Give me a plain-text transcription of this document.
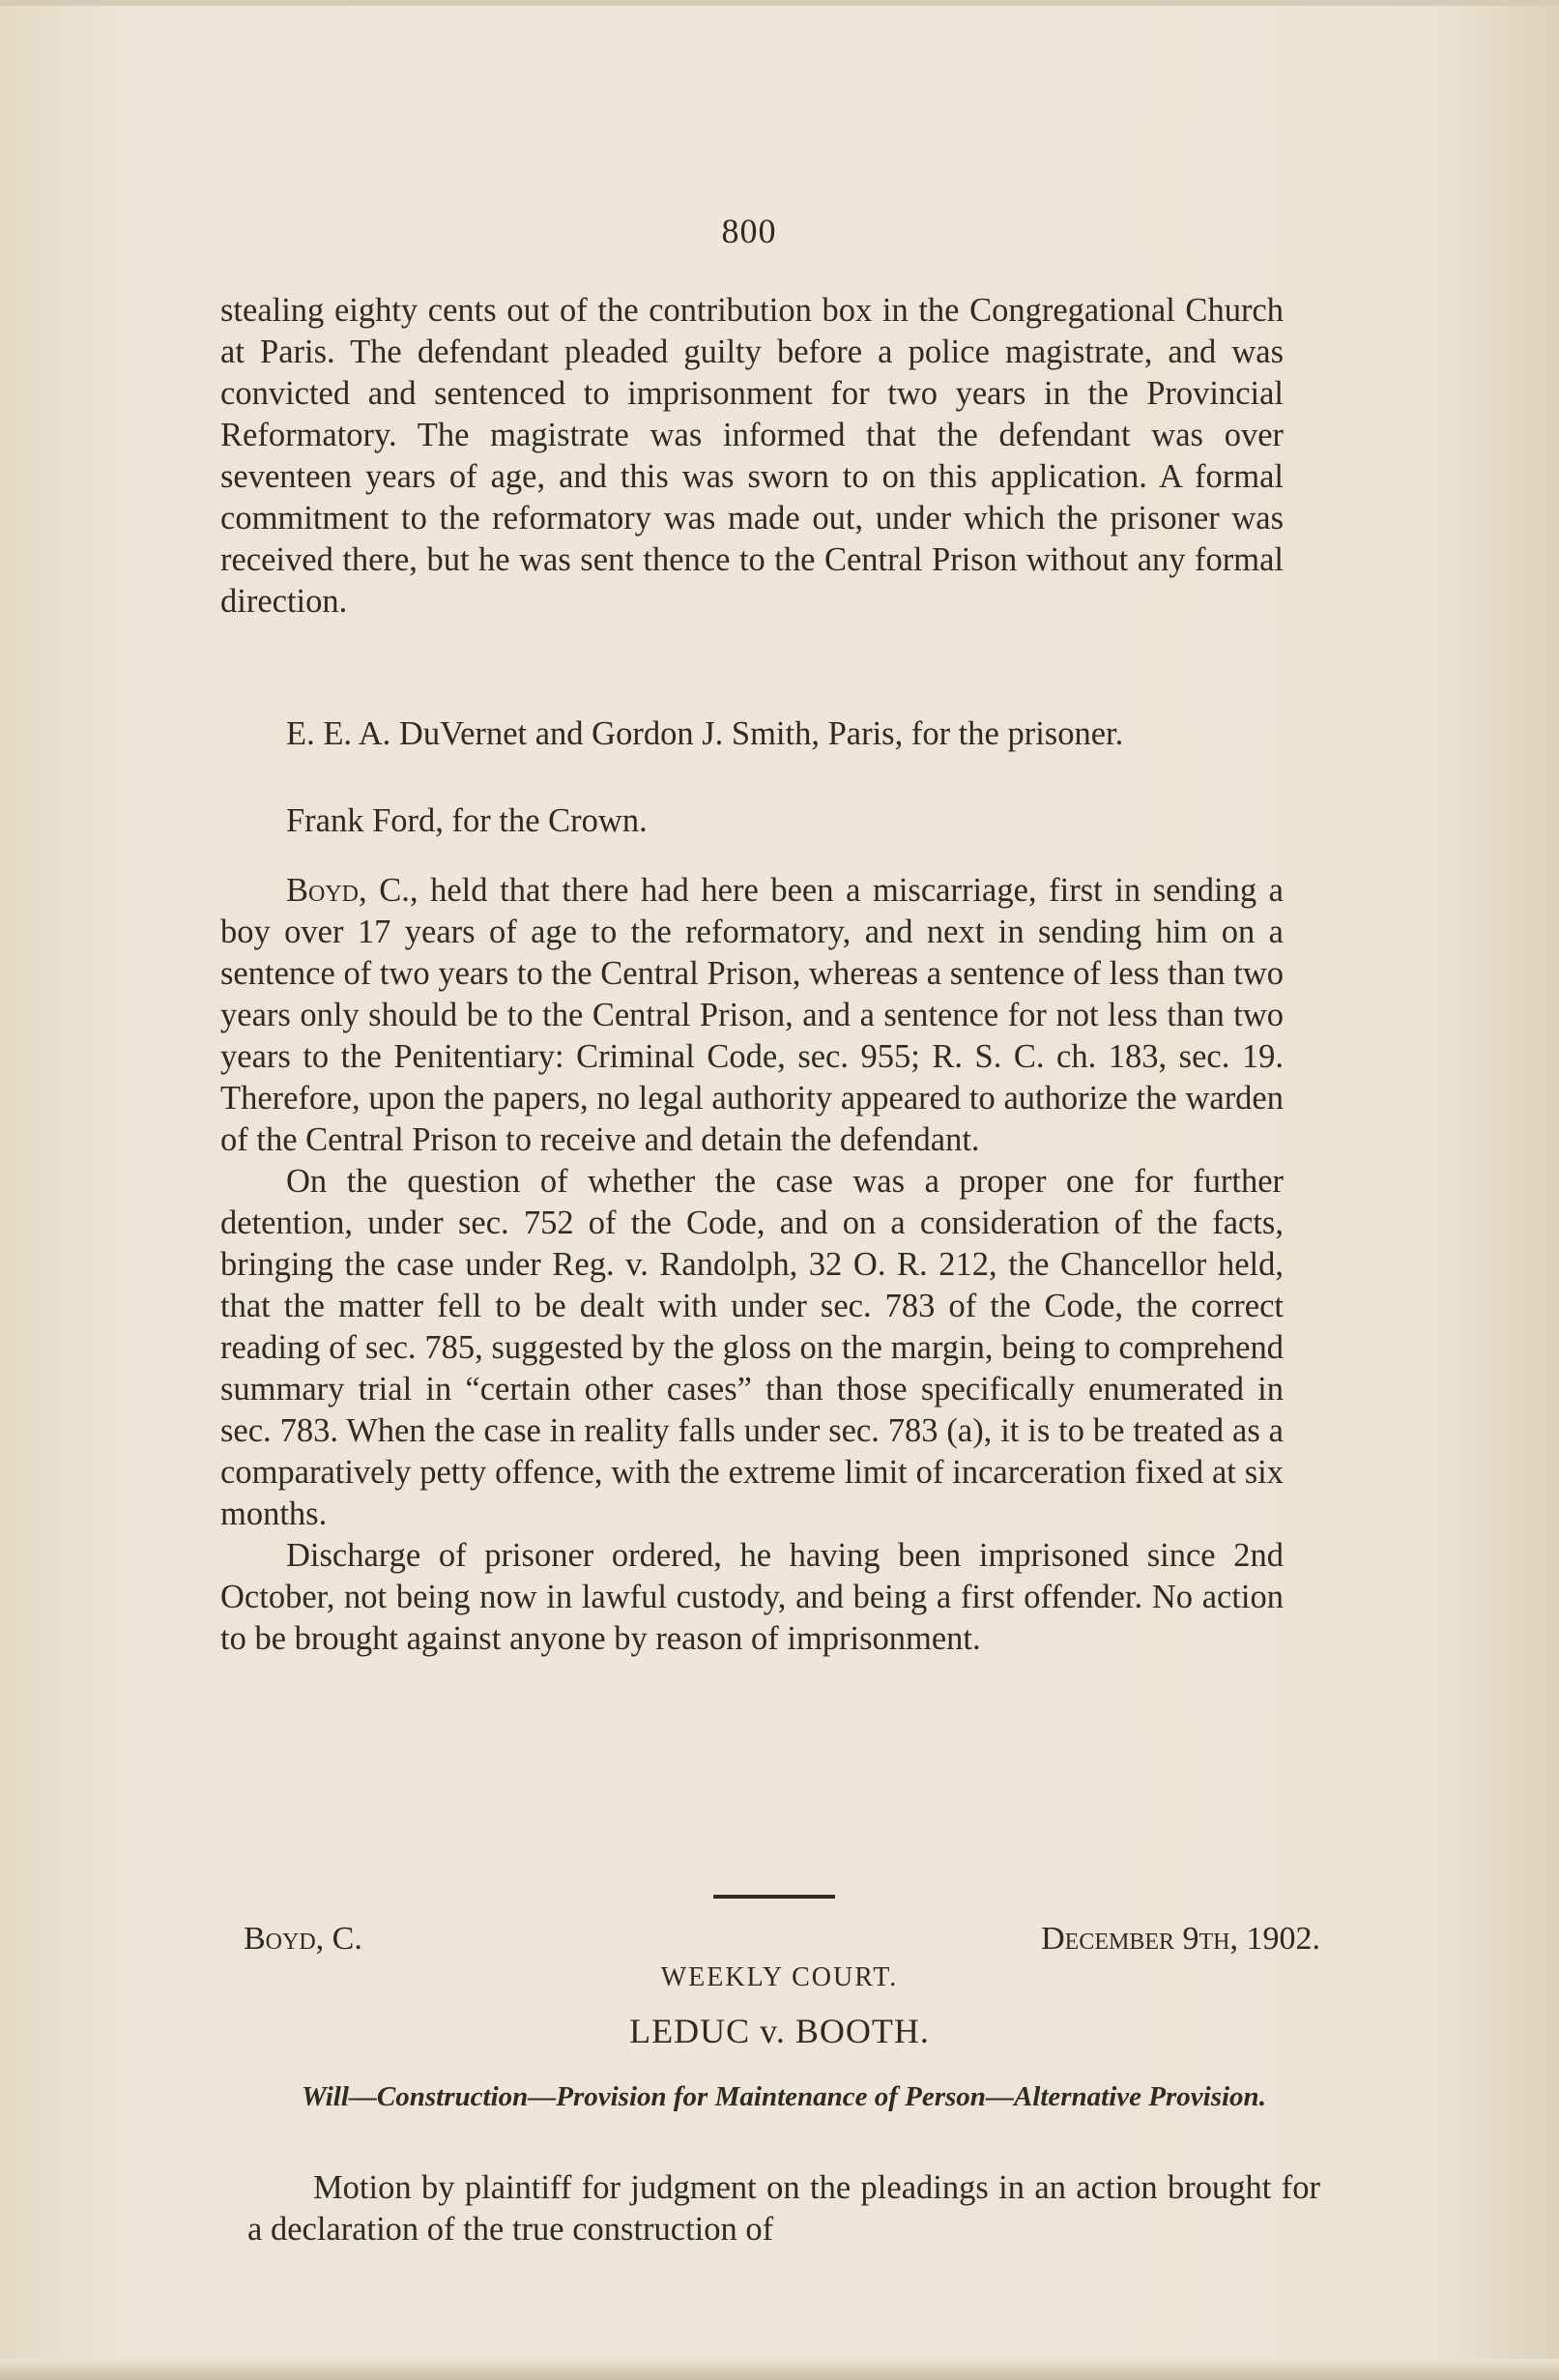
800

stealing eighty cents out of the contribution box in the Congregational Church at Paris. The defendant pleaded guilty before a police magistrate, and was convicted and sentenced to imprisonment for two years in the Provincial Reformatory. The magistrate was informed that the defendant was over seventeen years of age, and this was sworn to on this application. A formal commitment to the reformatory was made out, under which the prisoner was received there, but he was sent thence to the Central Prison without any formal direction.

E. E. A. DuVernet and Gordon J. Smith, Paris, for the prisoner.

Frank Ford, for the Crown.

Boyd, C., held that there had here been a miscarriage, first in sending a boy over 17 years of age to the reformatory, and next in sending him on a sentence of two years to the Central Prison, whereas a sentence of less than two years only should be to the Central Prison, and a sentence for not less than two years to the Penitentiary: Criminal Code, sec. 955; R. S. C. ch. 183, sec. 19. Therefore, upon the papers, no legal authority appeared to authorize the warden of the Central Prison to receive and detain the defendant.

On the question of whether the case was a proper one for further detention, under sec. 752 of the Code, and on a consideration of the facts, bringing the case under Reg. v. Randolph, 32 O. R. 212, the Chancellor held, that the matter fell to be dealt with under sec. 783 of the Code, the correct reading of sec. 785, suggested by the gloss on the margin, being to comprehend summary trial in “certain other cases” than those specifically enumerated in sec. 783. When the case in reality falls under sec. 783 (a), it is to be treated as a comparatively petty offence, with the extreme limit of incarceration fixed at six months.

Discharge of prisoner ordered, he having been imprisoned since 2nd October, not being now in lawful custody, and being a first offender. No action to be brought against anyone by reason of imprisonment.

Boyd, C.	December 9th, 1902.
WEEKLY COURT.
LEDUC v. BOOTH.
Will—Construction—Provision for Maintenance of Person—Alternative Provision.

Motion by plaintiff for judgment on the pleadings in an action brought for a declaration of the true construction of
